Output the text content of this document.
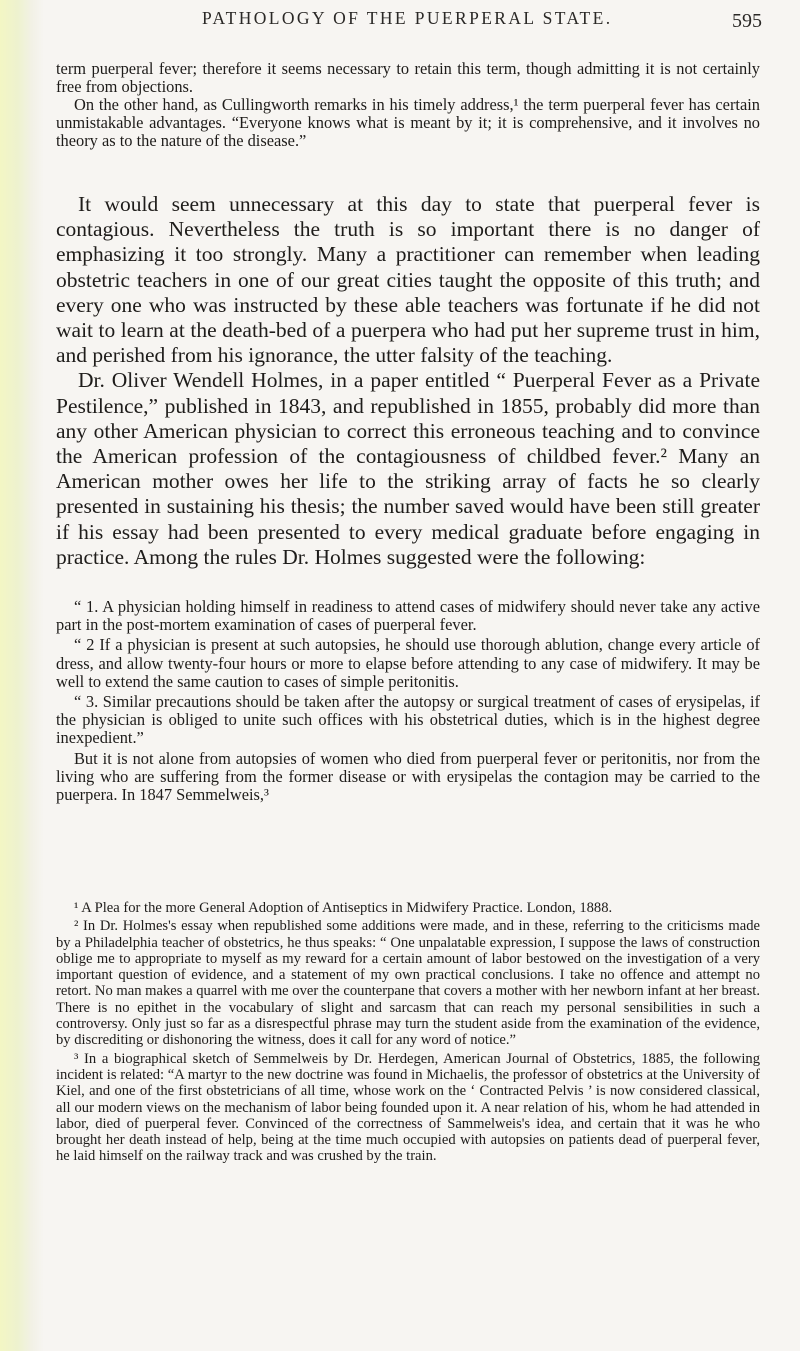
PATHOLOGY OF THE PUERPERAL STATE.	595

term puerperal fever; therefore it seems necessary to retain this term, though admitting it is not certainly free from objections.

On the other hand, as Cullingworth remarks in his timely address,¹ the term puerperal fever has certain unmistakable advantages. “Everyone knows what is meant by it; it is comprehensive, and it involves no theory as to the nature of the disease.”

It would seem unnecessary at this day to state that puerperal fever is contagious. Nevertheless the truth is so important there is no danger of emphasizing it too strongly. Many a practitioner can remember when leading obstetric teachers in one of our great cities taught the opposite of this truth; and every one who was instructed by these able teachers was fortunate if he did not wait to learn at the death-bed of a puerpera who had put her supreme trust in him, and perished from his ignorance, the utter falsity of the teaching.

Dr. Oliver Wendell Holmes, in a paper entitled “ Puerperal Fever as a Private Pestilence,” published in 1843, and republished in 1855, probably did more than any other American physician to correct this erroneous teaching and to convince the American profession of the contagiousness of childbed fever.² Many an American mother owes her life to the striking array of facts he so clearly presented in sustaining his thesis; the number saved would have been still greater if his essay had been presented to every medical graduate before engaging in practice. Among the rules Dr. Holmes suggested were the following:

“ 1. A physician holding himself in readiness to attend cases of midwifery should never take any active part in the post-mortem examination of cases of puerperal fever.

“ 2 If a physician is present at such autopsies, he should use thorough ablution, change every article of dress, and allow twenty-four hours or more to elapse before attending to any case of midwifery. It may be well to extend the same caution to cases of simple peritonitis.

“ 3. Similar precautions should be taken after the autopsy or surgical treatment of cases of erysipelas, if the physician is obliged to unite such offices with his obstetrical duties, which is in the highest degree inexpedient.”

But it is not alone from autopsies of women who died from puerperal fever or peritonitis, nor from the living who are suffering from the former disease or with erysipelas the contagion may be carried to the puerpera. In 1847 Semmelweis,³

¹ A Plea for the more General Adoption of Antiseptics in Midwifery Practice. London, 1888.

² In Dr. Holmes's essay when republished some additions were made, and in these, referring to the criticisms made by a Philadelphia teacher of obstetrics, he thus speaks: “ One unpalatable expression, I suppose the laws of construction oblige me to appropriate to myself as my reward for a certain amount of labor bestowed on the investigation of a very important question of evidence, and a statement of my own practical conclusions. I take no offence and attempt no retort. No man makes a quarrel with me over the counterpane that covers a mother with her newborn infant at her breast. There is no epithet in the vocabulary of slight and sarcasm that can reach my personal sensibilities in such a controversy. Only just so far as a disrespectful phrase may turn the student aside from the examination of the evidence, by discrediting or dishonoring the witness, does it call for any word of notice.”

³ In a biographical sketch of Semmelweis by Dr. Herdegen, American Journal of Obstetrics, 1885, the following incident is related: “A martyr to the new doctrine was found in Michaelis, the professor of obstetrics at the University of Kiel, and one of the first obstetricians of all time, whose work on the ‘ Contracted Pelvis ’ is now considered classical, all our modern views on the mechanism of labor being founded upon it. A near relation of his, whom he had attended in labor, died of puerperal fever. Convinced of the correctness of Sammelweis's idea, and certain that it was he who brought her death instead of help, being at the time much occupied with autopsies on patients dead of puerperal fever, he laid himself on the railway track and was crushed by the train.
